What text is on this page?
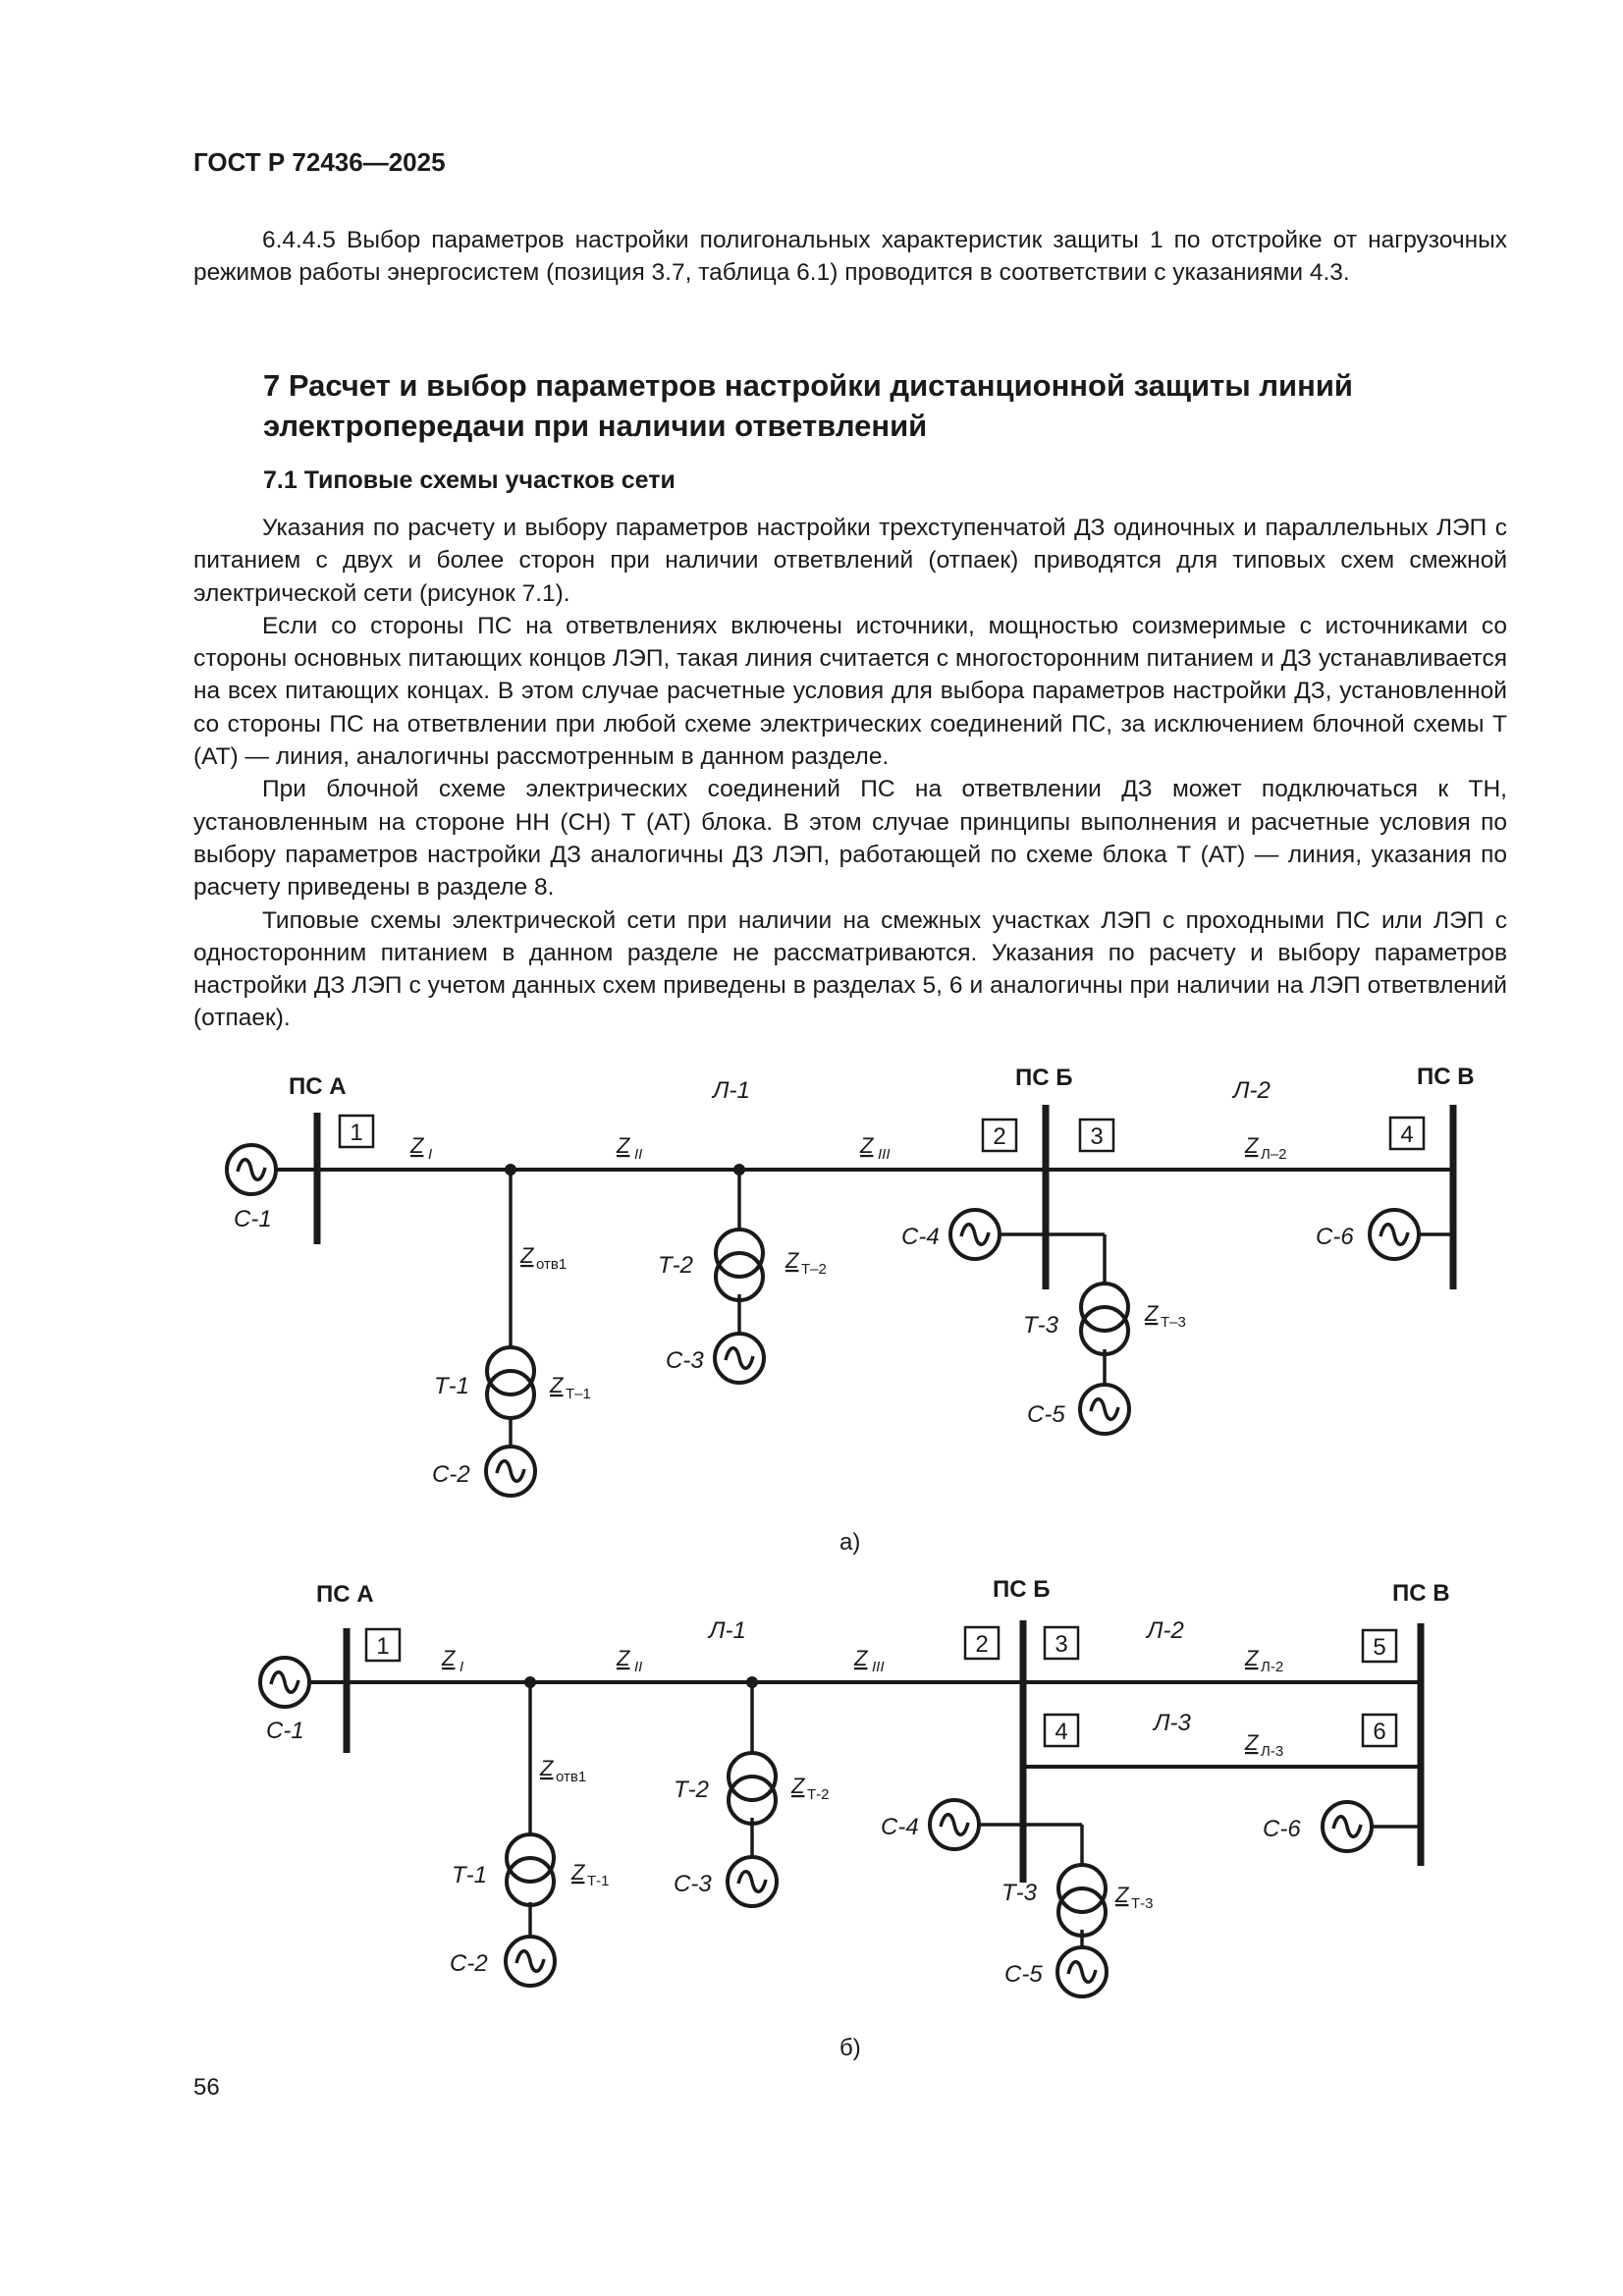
ГОСТ Р 72436—2025

6.4.4.5 Выбор параметров настройки полигональных характеристик защиты 1 по отстройке от нагрузочных режимов работы энергосистем (позиция 3.7, таблица 6.1) проводится в соответствии с указаниями 4.3.

7 Расчет и выбор параметров настройки дистанционной защиты линий электропередачи при наличии ответвлений
7.1 Типовые схемы участков сети

Указания по расчету и выбору параметров настройки трехступенчатой ДЗ одиночных и параллельных ЛЭП с питанием с двух и более сторон при наличии ответвлений (отпаек) приводятся для типовых схем смежной электрической сети (рисунок 7.1).

Если со стороны ПС на ответвлениях включены источники, мощностью соизмеримые с источниками со стороны основных питающих концов ЛЭП, такая линия считается с многосторонним питанием и ДЗ устанавливается на всех питающих концах. В этом случае расчетные условия для выбора параметров настройки ДЗ, установленной со стороны ПС на ответвлении при любой схеме электрических соединений ПС, за исключением блочной схемы Т (АТ) — линия, аналогичны рассмотренным в данном разделе.

При блочной схеме электрических соединений ПС на ответвлении ДЗ может подключаться к ТН, установленным на стороне НН (СН) Т (АТ) блока. В этом случае принципы выполнения и расчетные условия по выбору параметров настройки ДЗ аналогичны ДЗ ЛЭП, работающей по схеме блока Т (АТ) — линия, указания по расчету приведены в разделе 8.

Типовые схемы электрической сети при наличии на смежных участках ЛЭП с проходными ПС или ЛЭП с односторонним питанием в данном разделе не рассматриваются. Указания по расчету и выбору параметров настройки ДЗ ЛЭП с учетом данных схем приведены в разделах 5, 6 и аналогичны при наличии на ЛЭП ответвлений (отпаек).

1	2	3	4
ПС А	ПС Б	ПС В
Л-1	Л-2
Z I	Z II	Z III	Z Л–2
Z отв1
Z Т–1
Z Т–2
Z Т–3
С-1
С-2
С-3
С-4
С-5
С-6
Т-1
Т-2
Т-3
1	2	3
4
5
6
ПС А	ПС Б	ПС В
Л-1	Л-2
Л-3
Z I	Z II	Z III	Z Л-2
Z Л-3
Z отв1
Z Т-1
Z Т-2
Z Т-3
С-1
С-2
С-3
С-4
С-5
С-6
Т-1
Т-2
Т-3
а)
б)
56
